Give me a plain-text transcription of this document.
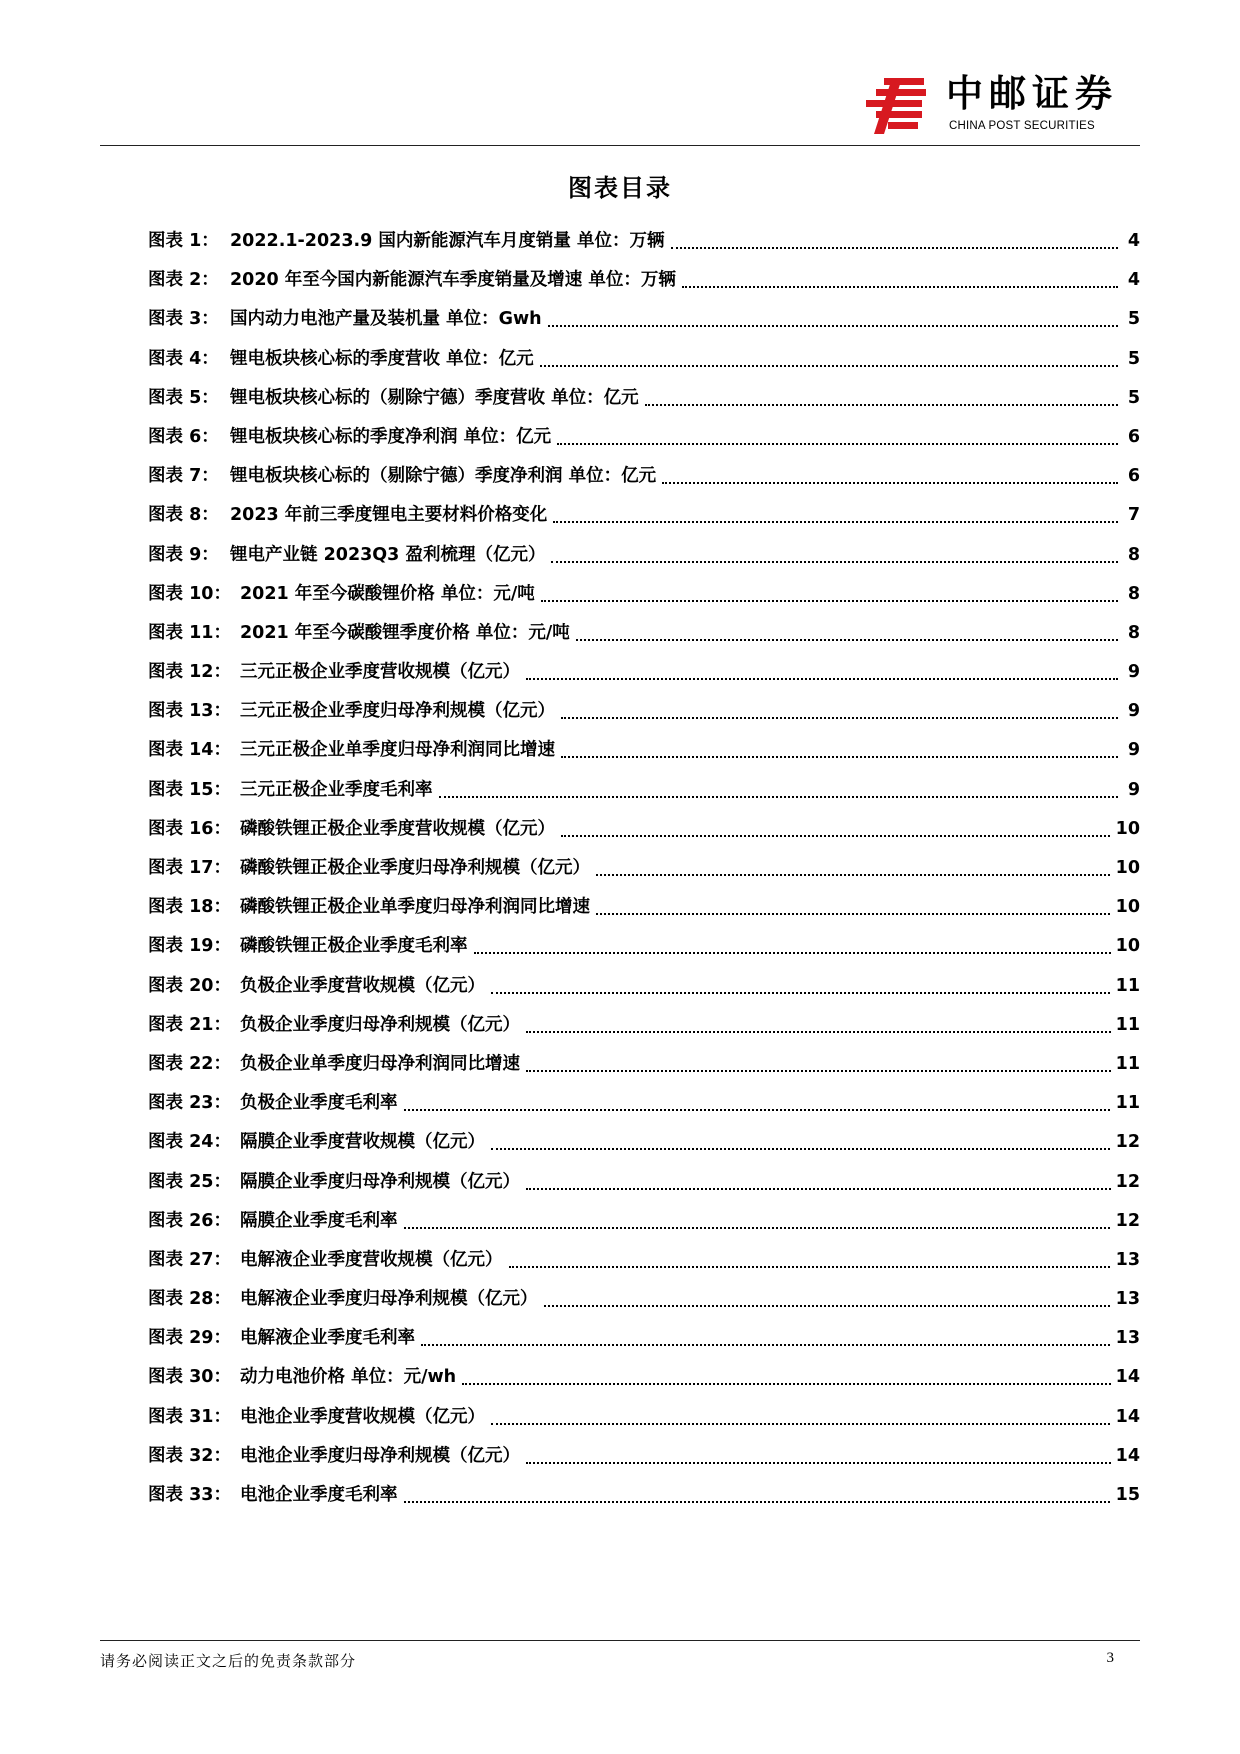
中邮证券
CHINA POST SECURITIES
图表目录
图表 1： 2022.1-2023.9 国内新能源汽车月度销量 单位：万辆	4
图表 2： 2020 年至今国内新能源汽车季度销量及增速 单位：万辆	4
图表 3： 国内动力电池产量及装机量 单位：Gwh	5
图表 4： 锂电板块核心标的季度营收 单位：亿元	5
图表 5： 锂电板块核心标的（剔除宁德）季度营收 单位：亿元	5
图表 6： 锂电板块核心标的季度净利润 单位：亿元	6
图表 7： 锂电板块核心标的（剔除宁德）季度净利润 单位：亿元	6
图表 8： 2023 年前三季度锂电主要材料价格变化	7
图表 9： 锂电产业链 2023Q3 盈利梳理（亿元）	8
图表 10： 2021 年至今碳酸锂价格 单位：元/吨	8
图表 11： 2021 年至今碳酸锂季度价格 单位：元/吨	8
图表 12： 三元正极企业季度营收规模（亿元）	9
图表 13： 三元正极企业季度归母净利规模（亿元）	9
图表 14： 三元正极企业单季度归母净利润同比增速	9
图表 15： 三元正极企业季度毛利率	9
图表 16： 磷酸铁锂正极企业季度营收规模（亿元）	10
图表 17： 磷酸铁锂正极企业季度归母净利规模（亿元）	10
图表 18： 磷酸铁锂正极企业单季度归母净利润同比增速	10
图表 19： 磷酸铁锂正极企业季度毛利率	10
图表 20： 负极企业季度营收规模（亿元）	11
图表 21： 负极企业季度归母净利规模（亿元）	11
图表 22： 负极企业单季度归母净利润同比增速	11
图表 23： 负极企业季度毛利率	11
图表 24： 隔膜企业季度营收规模（亿元）	12
图表 25： 隔膜企业季度归母净利规模（亿元）	12
图表 26： 隔膜企业季度毛利率	12
图表 27： 电解液企业季度营收规模（亿元）	13
图表 28： 电解液企业季度归母净利规模（亿元）	13
图表 29： 电解液企业季度毛利率	13
图表 30： 动力电池价格 单位：元/wh	14
图表 31： 电池企业季度营收规模（亿元）	14
图表 32： 电池企业季度归母净利规模（亿元）	14
图表 33： 电池企业季度毛利率	15
请务必阅读正文之后的免责条款部分	3
